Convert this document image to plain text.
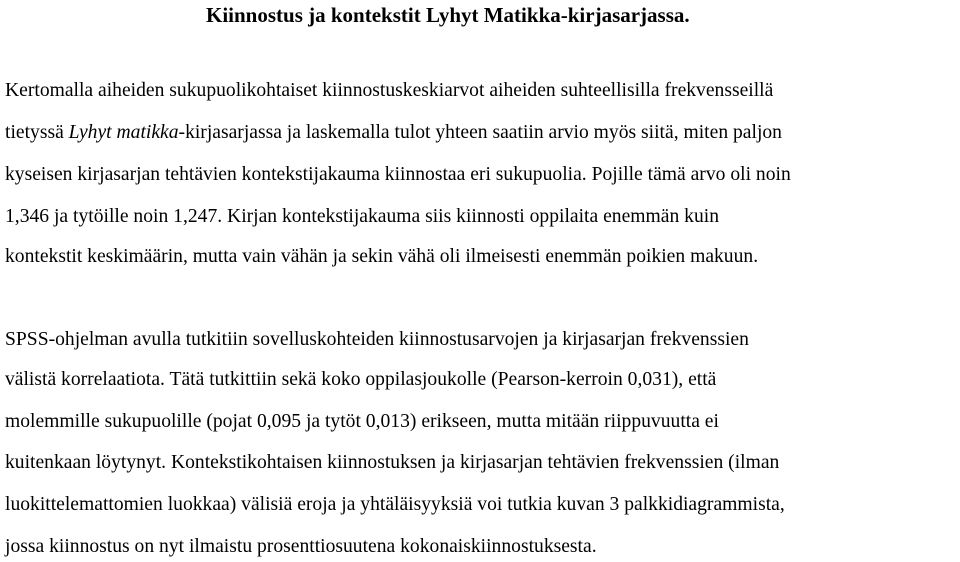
Kiinnostus ja kontekstit Lyhyt Matikka-kirjasarjassa.
Kertomalla aiheiden sukupuolikohtaiset kiinnostuskeskiarvot aiheiden suhteellisilla frekvensseillä
tietyssä Lyhyt matikka-kirjasarjassa ja laskemalla tulot yhteen saatiin arvio myös siitä, miten paljon
kyseisen kirjasarjan tehtävien kontekstijakauma kiinnostaa eri sukupuolia. Pojille tämä arvo oli noin
1,346 ja tytöille noin 1,247. Kirjan kontekstijakauma siis kiinnosti oppilaita enemmän kuin
kontekstit keskimäärin, mutta vain vähän ja sekin vähä oli ilmeisesti enemmän poikien makuun.
SPSS-ohjelman avulla tutkitiin sovelluskohteiden kiinnostusarvojen ja kirjasarjan frekvenssien
välistä korrelaatiota. Tätä tutkittiin sekä koko oppilasjoukolle (Pearson-kerroin 0,031), että
molemmille sukupuolille (pojat 0,095 ja tytöt 0,013) erikseen, mutta mitään riippuvuutta ei
kuitenkaan löytynyt. Kontekstikohtaisen kiinnostuksen ja kirjasarjan tehtävien frekvenssien (ilman
luokittelemattomien luokkaa) välisiä eroja ja yhtäläisyyksiä voi tutkia kuvan 3 palkkidiagrammista,
jossa kiinnostus on nyt ilmaistu prosenttiosuutena kokonaiskiinnostuksesta.
